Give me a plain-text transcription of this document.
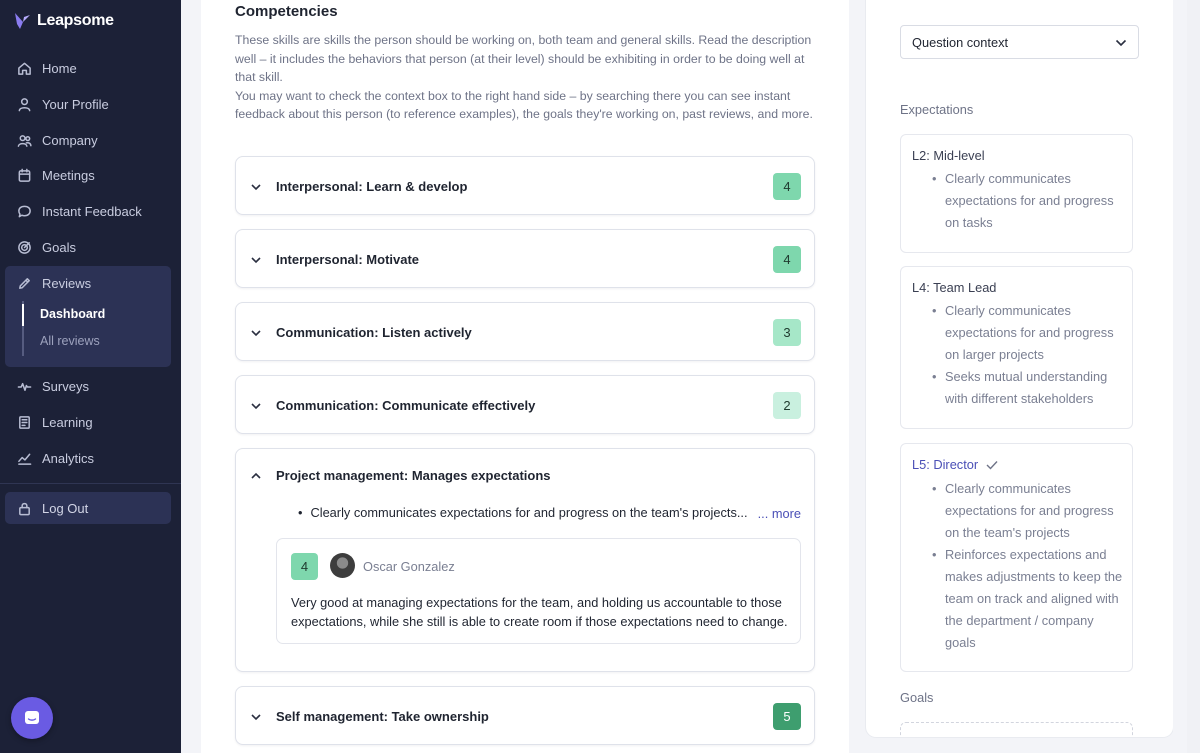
Leapsome
Home
Your Profile
Company
Meetings
Instant Feedback
Goals
Reviews
Dashboard
All reviews
Surveys
Learning
Analytics
Log Out
Competencies

These skills are skills the person should be working on, both team and general skills. Read the description well – it includes the behaviors that person (at their level) should be exhibiting in order to be doing well at that skill.

You may want to check the context box to the right hand side – by searching there you can see instant feedback about this person (to reference examples), the goals they're working on, past reviews, and more.

Interpersonal: Learn & develop	4
Interpersonal: Motivate	4
Communication: Listen actively	3
Communication: Communicate effectively	2
Project management: Manages expectations
• Clearly communicates expectations for and progress on the team's projects... ... more
4	Oscar Gonzalez

Very good at managing expectations for the team, and holding us accountable to those expectations, while she still is able to create room if those expectations need to change.

Self management: Take ownership	5
Question context
Expectations
L2: Mid-level
• Clearly communicates expectations for and progress on tasks
L4: Team Lead
• Clearly communicates expectations for and progress on larger projects
• Seeks mutual understanding with different stakeholders
L5: Director
• Clearly communicates expectations for and progress on the team's projects
• Reinforces expectations and makes adjustments to keep the team on track and aligned with the department / company goals
Goals
